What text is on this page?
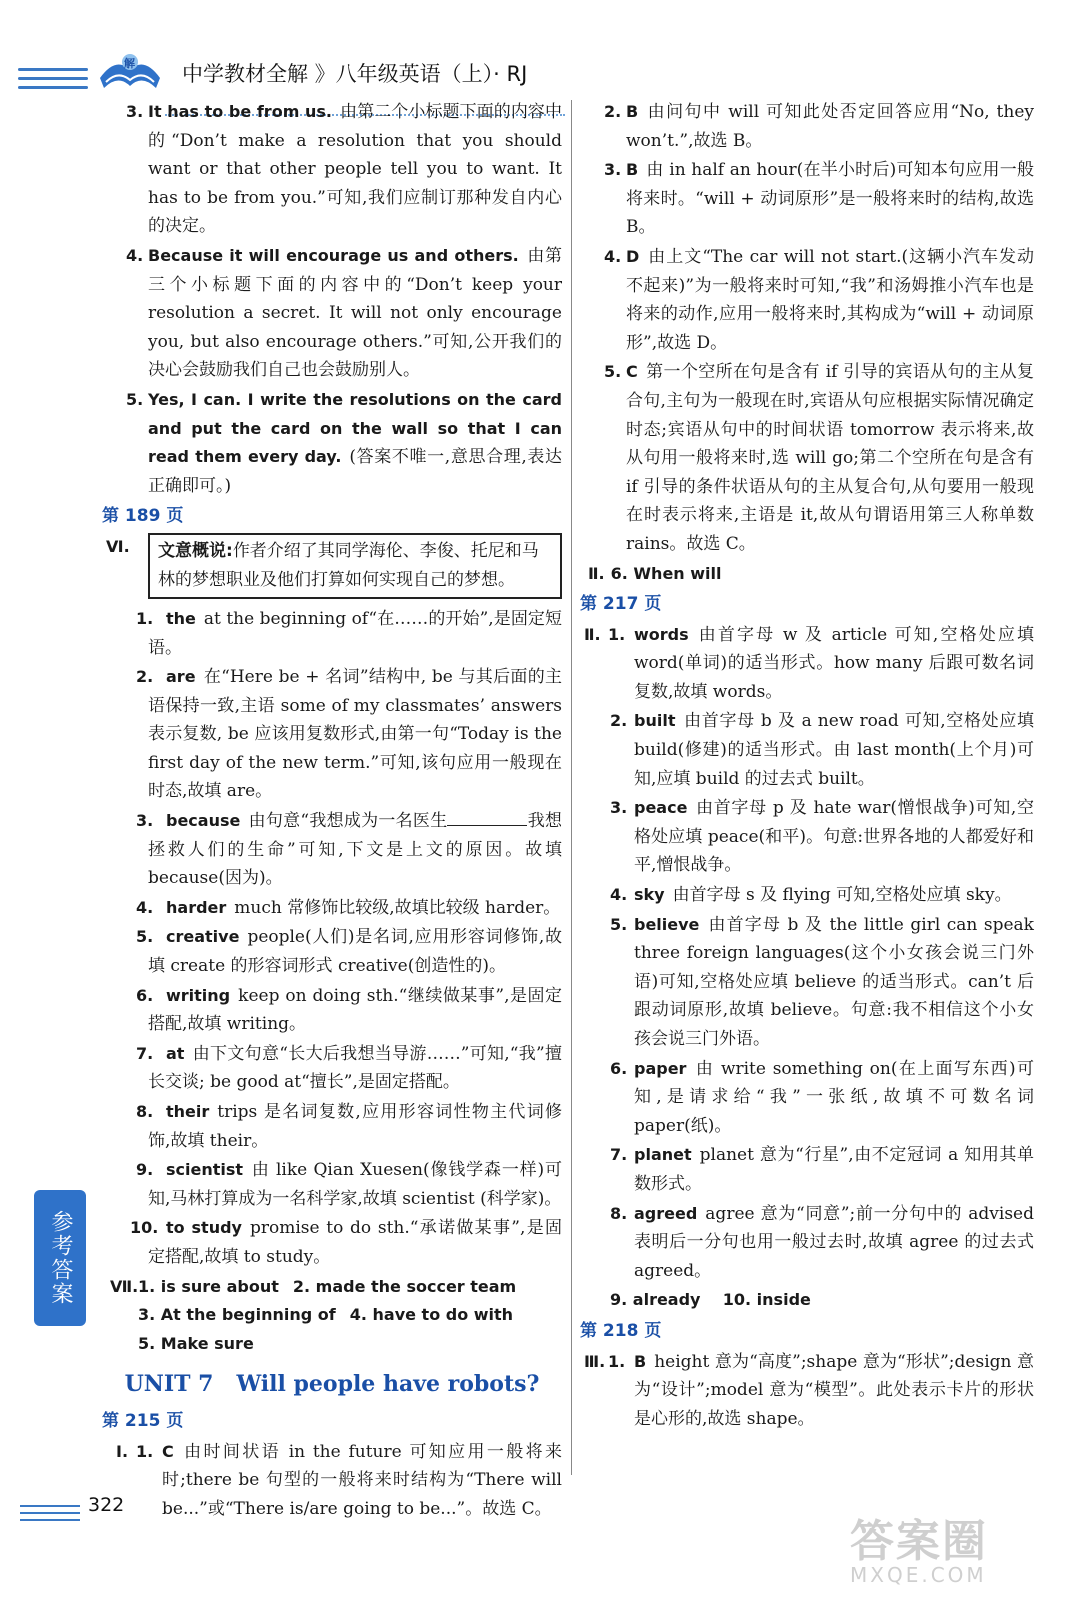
解 中学教材全解 》八年级英语（上）· RJ
3. It has to be from us. 由第二个小标题下面的内容中的“Don’t make a resolution that you should want or that other people tell you to want. It has to be from you.”可知,我们应制订那种发自内心的决定。
4. Because it will encourage us and others. 由第三个小标题下面的内容中的“Don’t keep your resolution a secret. It will not only encourage you, but also encourage others.”可知,公开我们的决心会鼓励我们自己也会鼓励别人。
5. Yes, I can. I write the resolutions on the card and put the card on the wall so that I can read them every day. (答案不唯一,意思合理,表达正确即可。)
第 189 页
Ⅵ.	文意概说:作者介绍了其同学海伦、李俊、托尼和马林的梦想职业及他们打算如何实现自己的梦想。
1. the at the beginning of“在……的开始”,是固定短语。
2. are 在“Here be + 名词”结构中, be 与其后面的主语保持一致,主语 some of my classmates’ answers 表示复数, be 应该用复数形式,由第一句“Today is the first day of the new term.”可知,该句应用一般现在时态,故填 are。
3. because 由句意“我想成为一名医生	我想拯救人们的生命”可知,下文是上文的原因。故填 because(因为)。
4. harder much 常修饰比较级,故填比较级 harder。
5. creative people(人们)是名词,应用形容词修饰,故填 create 的形容词形式 creative(创造性的)。
6. writing keep on doing sth.“继续做某事”,是固定搭配,故填 writing。
7. at 由下文句意“长大后我想当导游……”可知,“我”擅长交谈; be good at“擅长”,是固定搭配。
8. their trips 是名词复数,应用形容词性物主代词修饰,故填 their。
9. scientist 由 like Qian Xuesen(像钱学森一样)可知,马林打算成为一名科学家,故填 scientist (科学家)。
10. to study promise to do sth.“承诺做某事”,是固定搭配,故填 to study。
Ⅶ. 1. is sure about 2. made the soccer team
3. At the beginning of 4. have to do with
5. Make sure
UNIT 7   Will people have robots?
第 215 页
Ⅰ. 1. C 由时间状语 in the future 可知应用一般将来时;there be 句型的一般将来时结构为“There will be...”或“There is/are going to be...”。故选 C。
2. B 由问句中 will 可知此处否定回答应用“No, they won’t.”,故选 B。
3. B 由 in half an hour(在半小时后)可知本句应用一般将来时。“will + 动词原形”是一般将来时的结构,故选 B。
4. D 由上文“The car will not start.(这辆小汽车发动不起来)”为一般将来时可知,“我”和汤姆推小汽车也是将来的动作,应用一般将来时,其构成为“will + 动词原形”,故选 D。
5. C 第一个空所在句是含有 if 引导的宾语从句的主从复合句,主句为一般现在时,宾语从句应根据实际情况确定时态;宾语从句中的时间状语 tomorrow 表示将来,故从句用一般将来时,选 will go;第二个空所在句是含有 if 引导的条件状语从句的主从复合句,从句要用一般现在时表示将来,主语是 it,故从句谓语用第三人称单数 rains。故选 C。
Ⅱ. 6. When will
第 217 页
Ⅱ. 1. words 由首字母 w 及 article 可知,空格处应填 word(单词)的适当形式。how many 后跟可数名词复数,故填 words。
2. built 由首字母 b 及 a new road 可知,空格处应填 build(修建)的适当形式。由 last month(上个月)可知,应填 build 的过去式 built。
3. peace 由首字母 p 及 hate war(憎恨战争)可知,空格处应填 peace(和平)。句意:世界各地的人都爱好和平,憎恨战争。
4. sky 由首字母 s 及 flying 可知,空格处应填 sky。
5. believe 由首字母 b 及 the little girl can speak three foreign languages(这个小女孩会说三门外语)可知,空格处应填 believe 的适当形式。can’t 后跟动词原形,故填 believe。句意:我不相信这个小女孩会说三门外语。
6. paper 由 write something on(在上面写东西)可知,是请求给“我”一张纸,故填不可数名词 paper(纸)。
7. planet planet 意为“行星”,由不定冠词 a 知用其单数形式。
8. agreed agree 意为“同意”;前一分句中的 advised 表明后一分句也用一般过去时,故填 agree 的过去式 agreed。
9. already    10. inside
第 218 页
Ⅲ. 1. B height 意为“高度”;shape 意为“形状”;design 意为“设计”;model 意为“模型”。此处表示卡片的形状是心形的,故选 shape。
参考答案
322
答案圈
MXQE.COM
